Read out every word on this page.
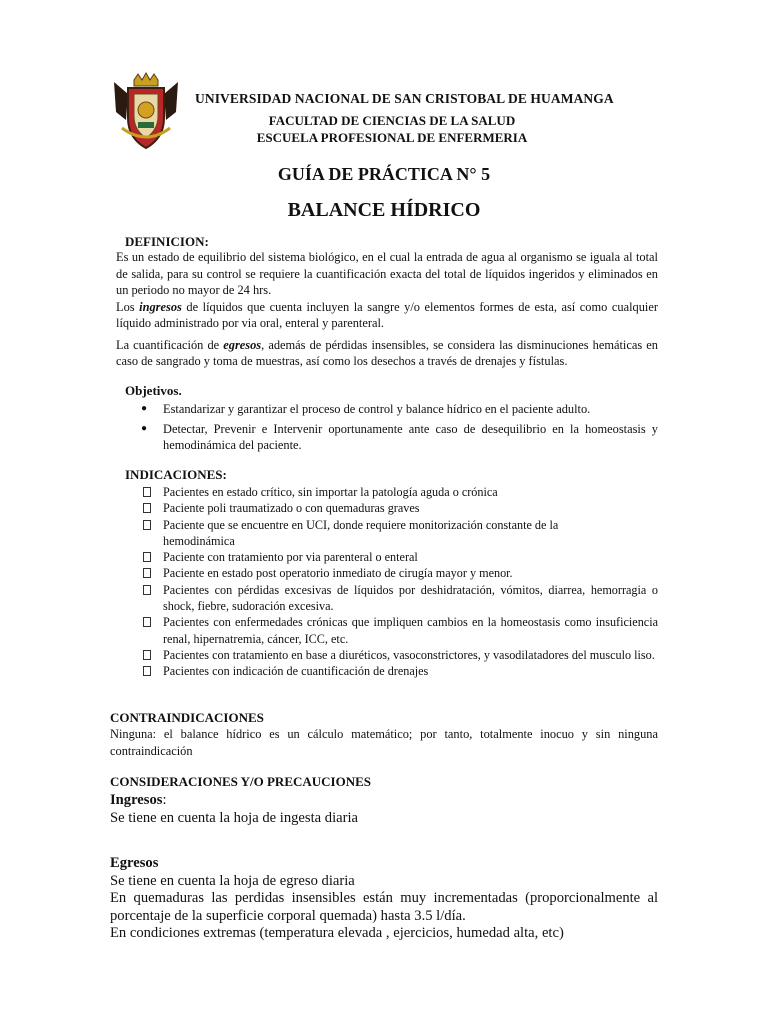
UNIVERSIDAD NACIONAL DE SAN CRISTOBAL DE HUAMANGA
FACULTAD DE CIENCIAS DE LA SALUD
ESCUELA PROFESIONAL DE ENFERMERIA
GUÍA DE PRÁCTICA N° 5
BALANCE HÍDRICO
DEFINICION:

Es un estado de equilibrio del sistema biológico, en el cual la entrada de agua al organismo se iguala al total de salida, para su control se requiere la cuantificación exacta del total de líquidos ingeridos y eliminados en un periodo no mayor de 24 hrs.

Los ingresos de líquidos que cuenta incluyen la sangre y/o elementos formes de esta, así como cualquier líquido administrado por via oral, enteral y parenteral.

La cuantificación de egresos, además de pérdidas insensibles, se considera las disminuciones hemáticas en caso de sangrado y toma de muestras, así como los desechos a través de drenajes y fístulas.

Objetivos.
● Estandarizar y garantizar el proceso de control y balance hídrico en el paciente adulto.
● Detectar, Prevenir e Intervenir oportunamente ante caso de desequilibrio en la homeostasis y hemodinámica del paciente.
INDICACIONES:
Pacientes en estado crítico, sin importar la patología aguda o crónica
Paciente poli traumatizado o con quemaduras graves
Paciente que se encuentre en UCI, donde requiere monitorización constante de la hemodinámica
Paciente con tratamiento por via parenteral o enteral
Paciente en estado post operatorio inmediato de cirugía mayor y menor.
Pacientes con pérdidas excesivas de líquidos por deshidratación, vómitos, diarrea, hemorragia o shock, fiebre, sudoración excesiva.
Pacientes con enfermedades crónicas que impliquen cambios en la homeostasis como insuficiencia renal, hipernatremia, cáncer, ICC, etc.
Pacientes con tratamiento en base a diuréticos, vasoconstrictores, y vasodilatadores del musculo liso.
Pacientes con indicación de cuantificación de drenajes
CONTRAINDICACIONES
Ninguna: el balance hídrico es un cálculo matemático; por tanto, totalmente inocuo y sin ninguna contraindicación
CONSIDERACIONES Y/O PRECAUCIONES

Ingresos:

Se tiene en cuenta la hoja de ingesta diaria

Egresos

Se tiene en cuenta la hoja de egreso diaria

En quemaduras las perdidas insensibles están muy incrementadas (proporcionalmente al porcentaje de la superficie corporal quemada) hasta 3.5 l/día.

En condiciones extremas (temperatura elevada , ejercicios, humedad alta, etc)
